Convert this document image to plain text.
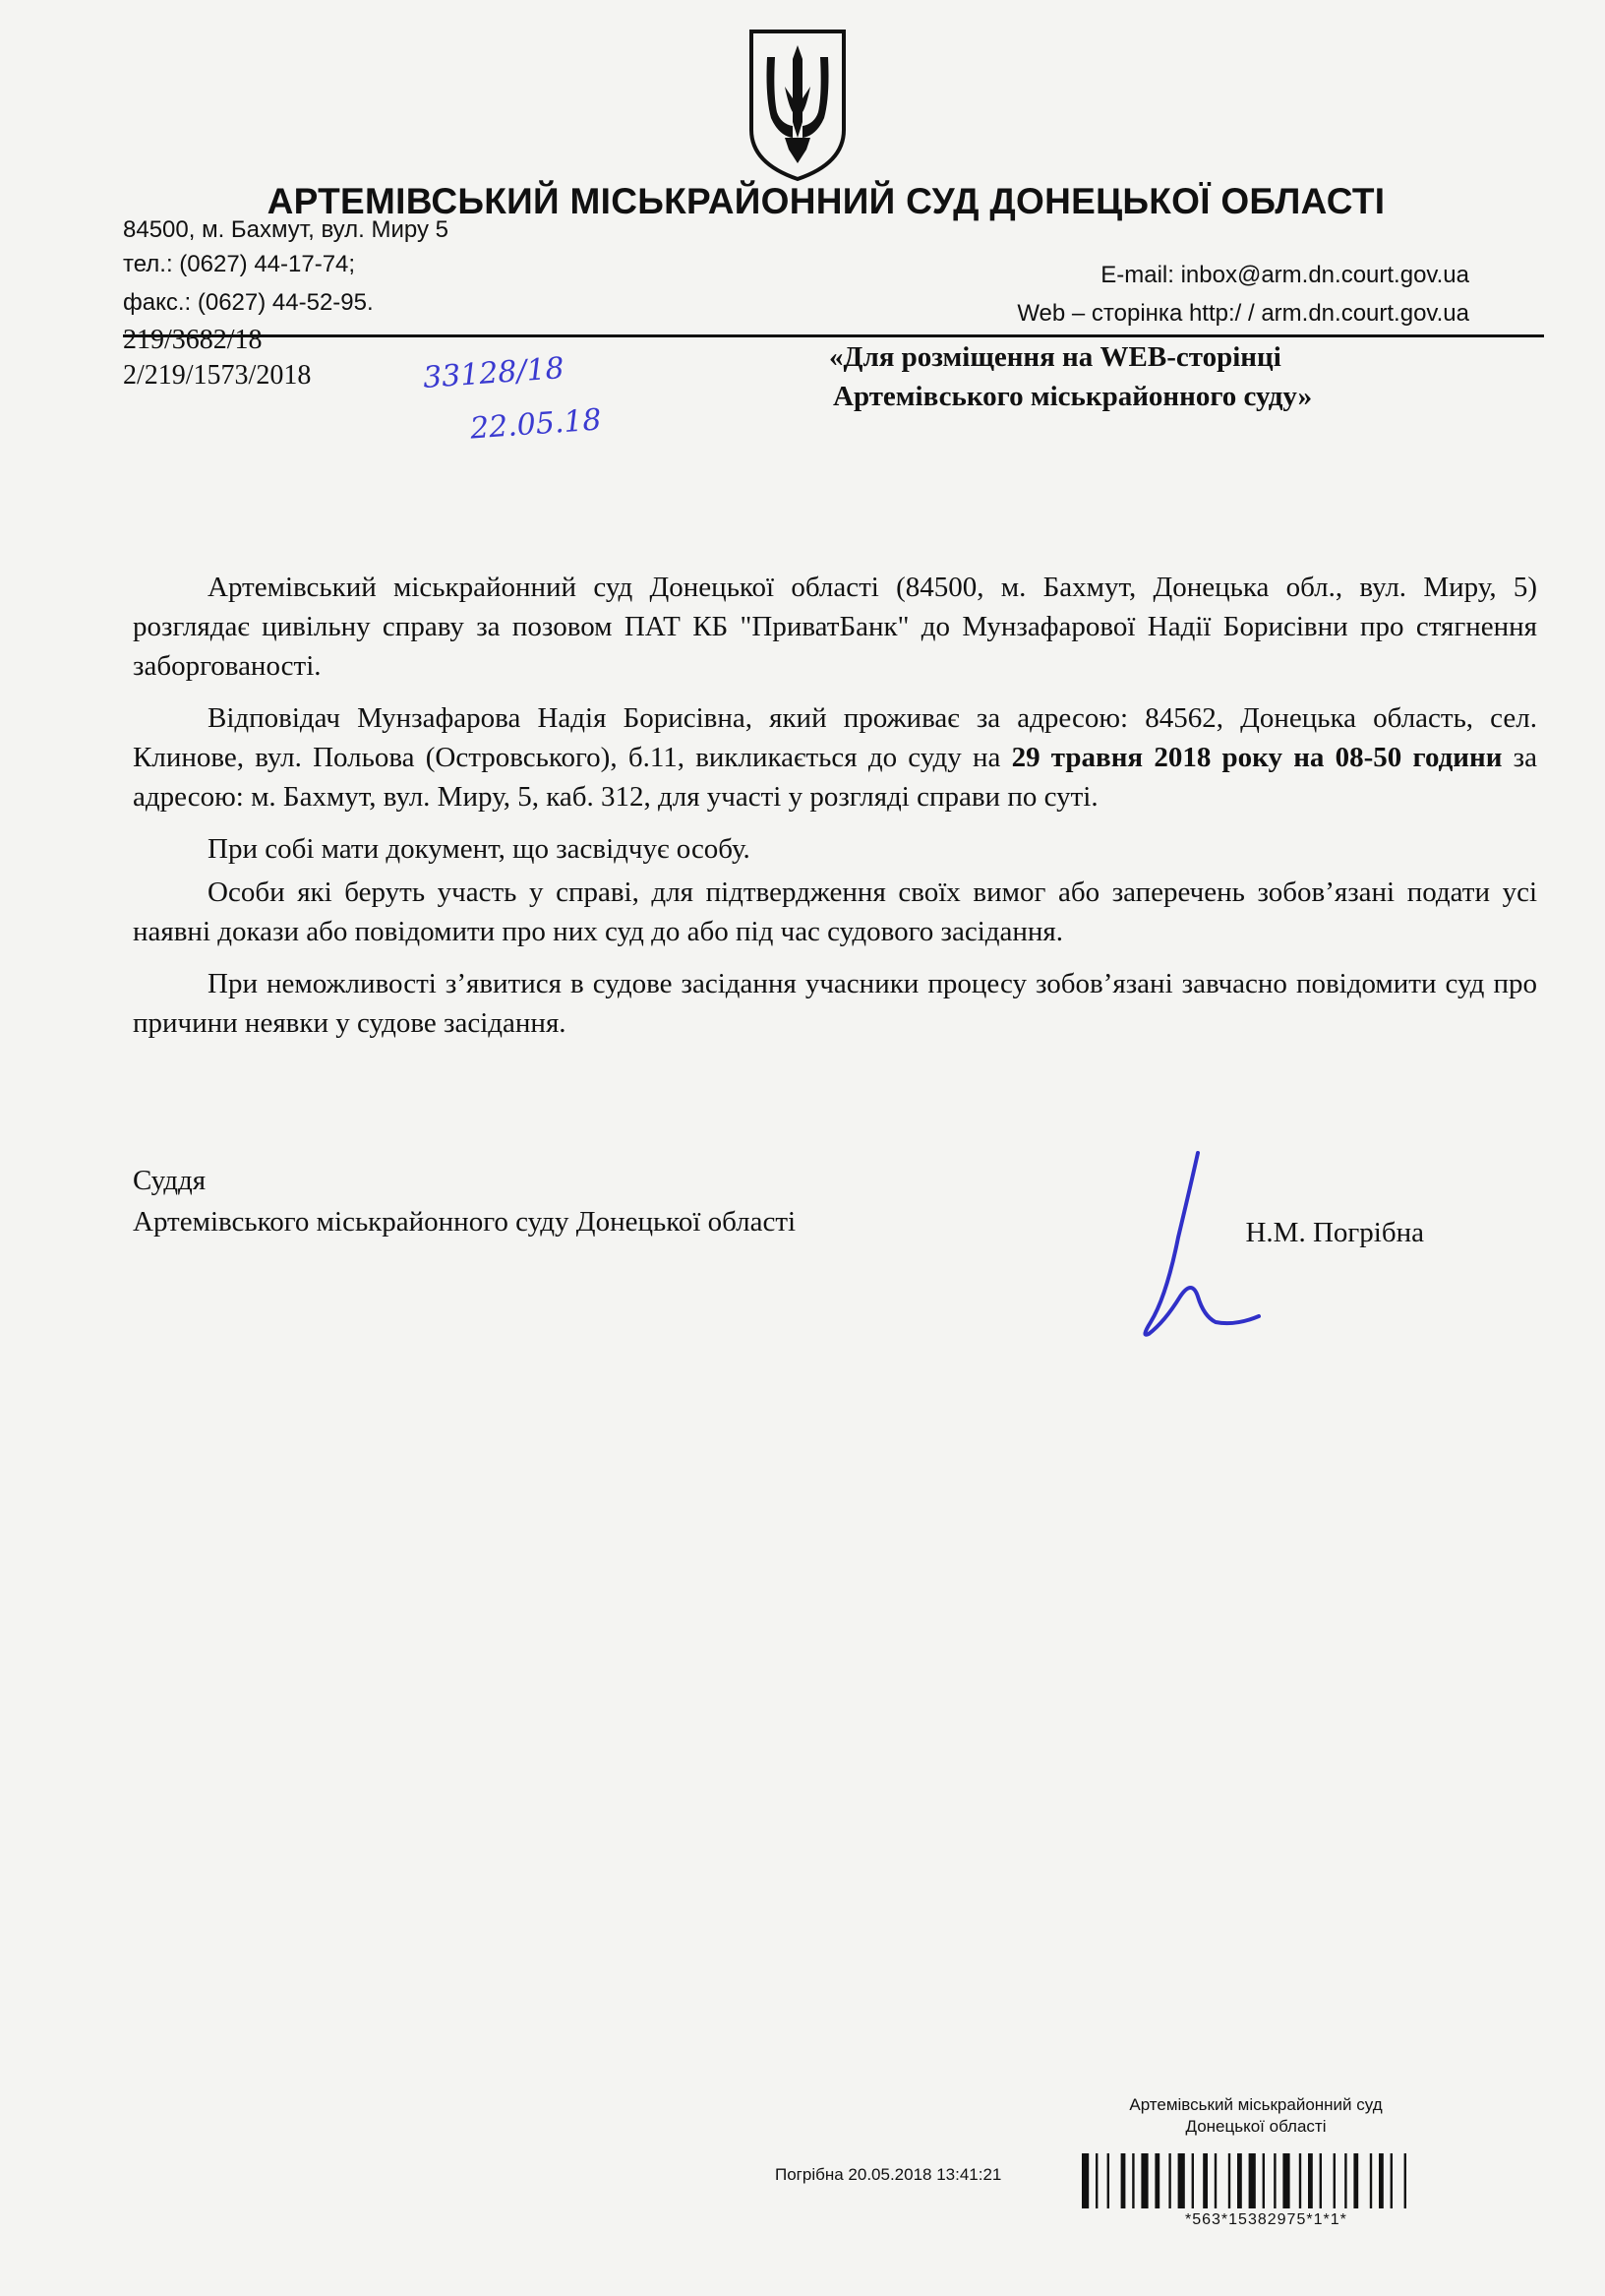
АРТЕМІВСЬКИЙ МІСЬКРАЙОННИЙ СУД ДОНЕЦЬКОЇ ОБЛАСТІ
84500, м. Бахмут, вул. Миру 5
тел.: (0627) 44-17-74;
факс.: (0627) 44-52-95.
E-mail: inbox@arm.dn.court.gov.ua
Web – сторінка http:/ / arm.dn.court.gov.ua
219/3682/18
2/219/1573/2018	33128/18
22.05.18
«Для розміщення на WEB-сторінці
Артемівського міськрайонного суду»

Артемівський міськрайонний суд Донецької області (84500, м. Бахмут, Донецька обл., вул. Миру, 5) розглядає цивільну справу за позовом ПАТ КБ "ПриватБанк" до Мунзафарової Надії Борисівни про стягнення заборгованості.

Відповідач Мунзафарова Надія Борисівна, який проживає за адресою: 84562, Донецька область, сел. Клинове, вул. Польова (Островського), б.11, викликається до суду на 29 травня 2018 року на 08-50 години за адресою: м. Бахмут, вул. Миру, 5, каб. 312, для участі у розгляді справи по суті.

При собі мати документ, що засвідчує особу.

Особи які беруть участь у справі, для підтвердження своїх вимог або заперечень зобов’язані подати усі наявні докази або повідомити про них суд до або під час судового засідання.

При неможливості з’явитися в судове засідання учасники процесу зобов’язані завчасно повідомити суд про причини неявки у судове засідання.

Суддя
Артемівського міськрайонного суду Донецької області	Н.М. Погрібна
Артемівський міськрайонний суд
Донецької області
Погрібна 20.05.2018 13:41:21
*563*15382975*1*1*
